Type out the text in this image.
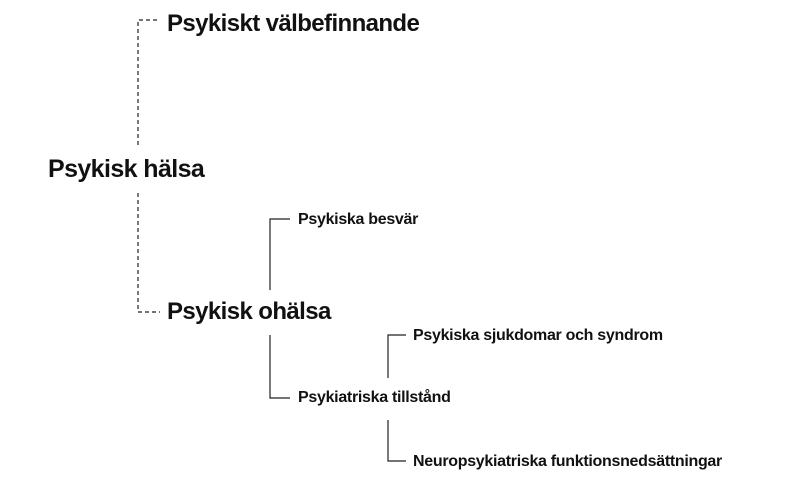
Psykiskt välbefinnande
Psykisk hälsa
Psykiska besvär
Psykisk ohälsa
Psykiska sjukdomar och syndrom
Psykiatriska tillstånd
Neuropsykiatriska funktionsnedsättningar
